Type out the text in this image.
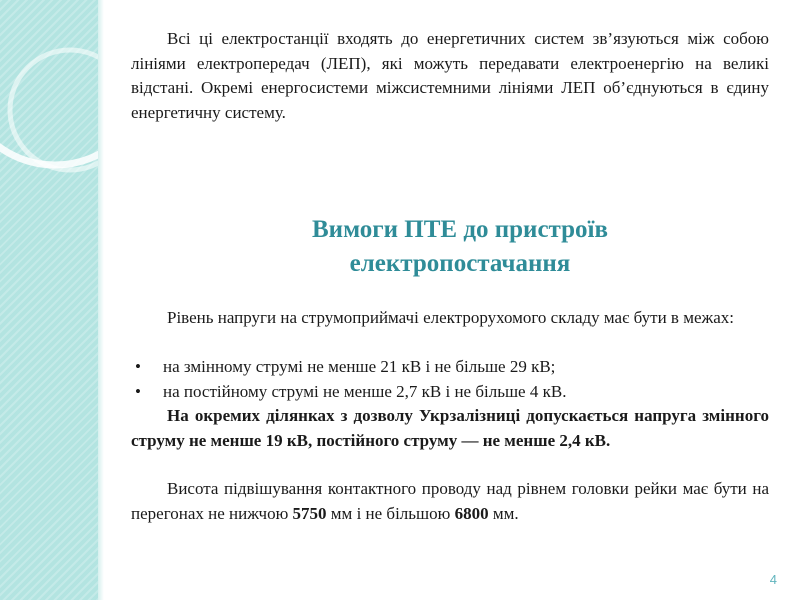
Всі ці електростанції входять до енергетичних систем зв’язуються між собою лініями електропередач (ЛЕП), які можуть передавати електроенергію на великі відстані. Окремі енергосистеми міжсистемними лініями ЛЕП об’єднуються в єдину енергетичну систему.

Вимоги ПТЕ до пристроїв
електропостачання

Рівень напруги на струмоприймачі електрорухомого складу має бути в межах:

• на змінному струмі не менше 21 кВ і не більше 29 кВ;
• на постійному струмі не менше 2,7 кВ і не більше 4 кВ.

На окремих ділянках з дозволу Укрзалізниці допускається напруга змінного струму не менше 19 кВ, постійного струму — не менше 2,4 кВ.

Висота підвішування контактного проводу над рівнем головки рейки має бути на перегонах не нижчою 5750 мм і не більшою 6800 мм.

4
